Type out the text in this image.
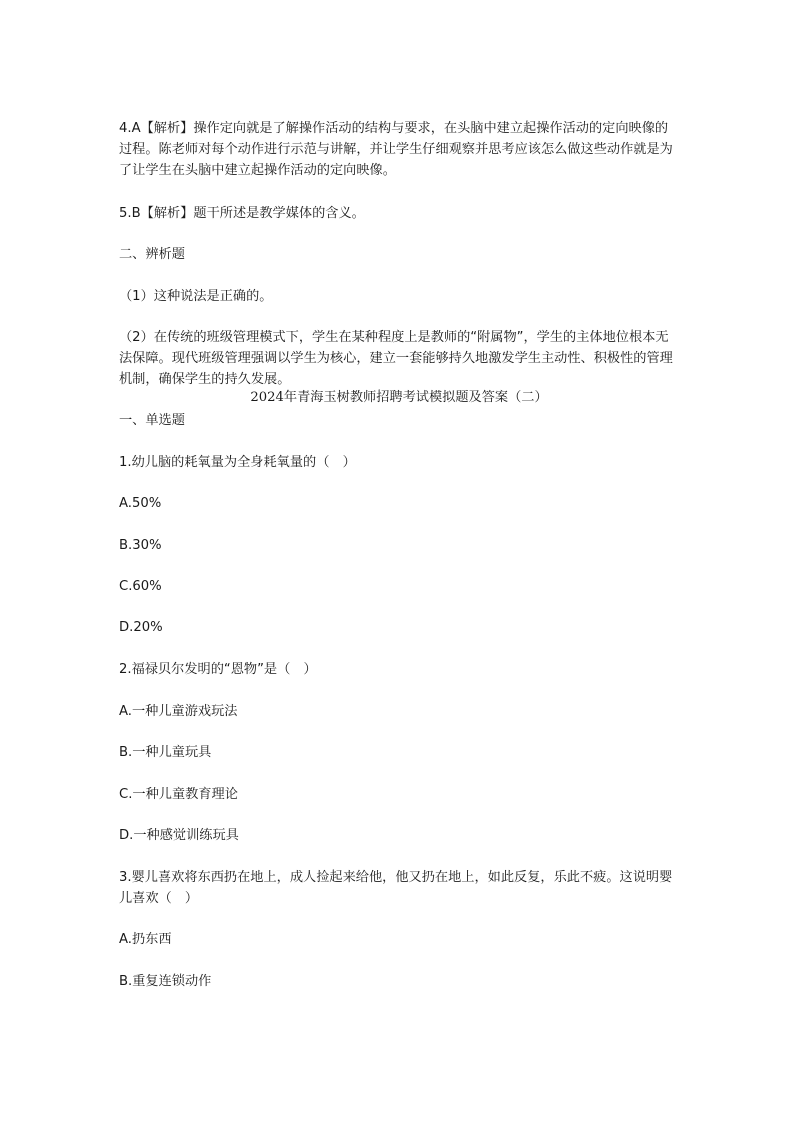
4.A【解析】操作定向就是了解操作活动的结构与要求，在头脑中建立起操作活动的定向映像的过程。陈老师对每个动作进行示范与讲解，并让学生仔细观察并思考应该怎么做这些动作就是为了让学生在头脑中建立起操作活动的定向映像。

5.B【解析】题干所述是教学媒体的含义。

二、辨析题

（1）这种说法是正确的。

（2）在传统的班级管理模式下，学生在某种程度上是教师的“附属物”，学生的主体地位根本无法保障。现代班级管理强调以学生为核心，建立一套能够持久地激发学生主动性、积极性的管理机制，确保学生的持久发展。

2024年青海玉树教师招聘考试模拟题及答案（二）

一、单选题

1.幼儿脑的耗氧量为全身耗氧量的（　）

A.50%

B.30%

C.60%

D.20%

2.福禄贝尔发明的“恩物”是（　）

A.一种儿童游戏玩法

B.一种儿童玩具

C.一种儿童教育理论

D.一种感觉训练玩具

3.婴儿喜欢将东西扔在地上，成人捡起来给他，他又扔在地上，如此反复，乐此不疲。这说明婴儿喜欢（　）

A.扔东西

B.重复连锁动作
